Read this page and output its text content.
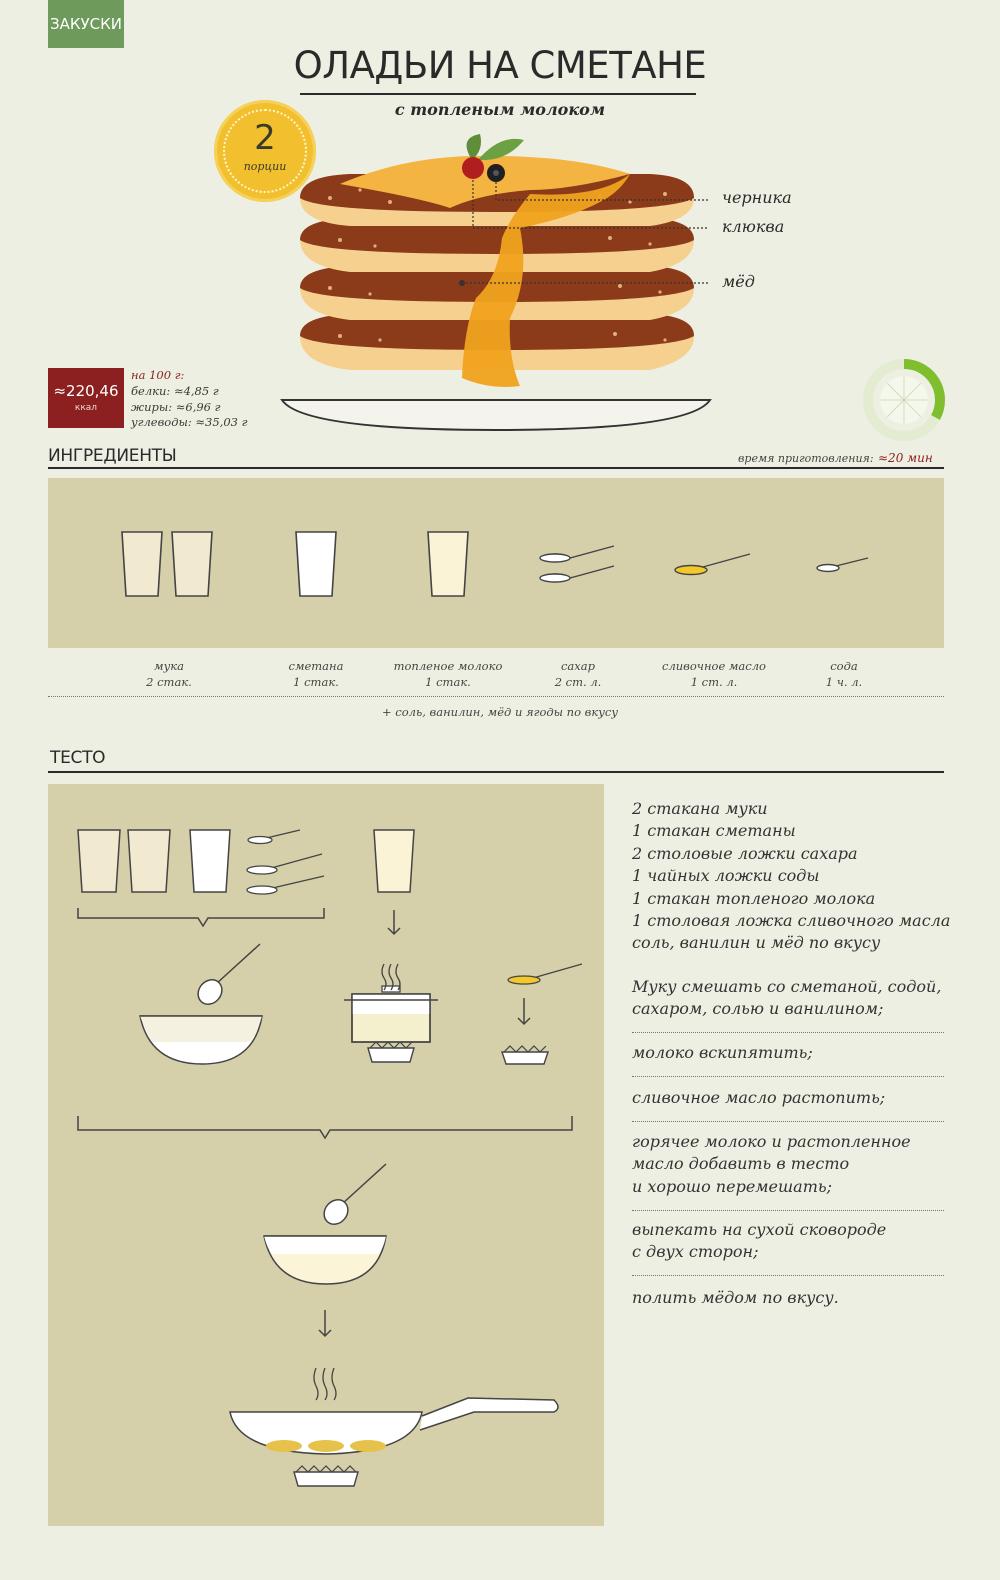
ЗАКУСКИ
ОЛАДЬИ НА СМЕТАНЕ
с топленым молоком
2
порции
черника
клюква
мёд
≈220,46
ккал
на 100 г:
белки: ≈4,85 г
жиры: ≈6,96 г
углеводы: ≈35,03 г
ИНГРЕДИЕНТЫ	время приготовления: ≈20 мин
мука
2 стак.
сметана
1 стак.
топленое молоко
1 стак.
сахар
2 ст. л.
сливочное масло
1 ст. л.
сода
1 ч. л.
+ соль, ванилин, мёд и ягоды по вкусу
ТЕСТО
2 стакана муки
1 стакан сметаны
2 столовые ложки сахара
1 чайных ложки соды
1 стакан топленого молока
1 столовая ложка сливочного масла
соль, ванилин и мёд по вкусу
Муку смешать со сметаной, содой,
сахаром, солью и ванилином;
молоко вскипятить;
сливочное масло растопить;
горячее молоко и растопленное
масло добавить в тесто
и хорошо перемешать;
выпекать на сухой сковороде
с двух сторон;
полить мёдом по вкусу.
